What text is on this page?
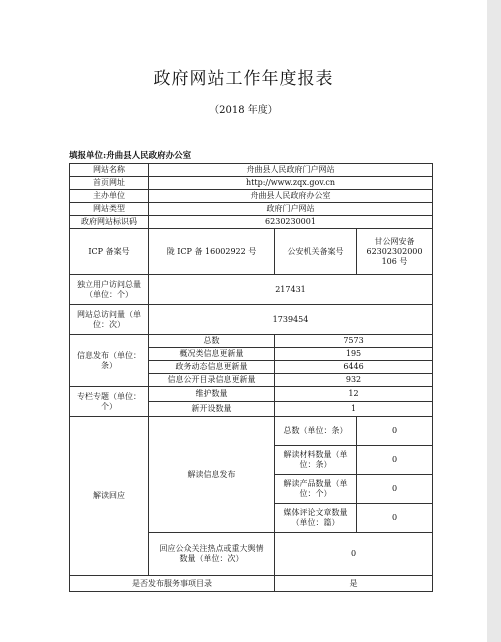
政府网站工作年度报表
（2018 年度）
填报单位:舟曲县人民政府办公室
网站名称	舟曲县人民政府门户网站		
首页网址	http://www.zqx.gov.cn		
主办单位	舟曲县人民政府办公室		
网站类型	政府门户网站		
政府网站标识码	6230230001		
ICP 备案号	陇 ICP 备 16002922 号	公安机关备案号	甘公网安备 62302302000 106 号
独立用户访问总量（单位：个）	217431		
网站总访问量（单位：次）	1739454		
信息发布（单位：条）	总数	7573	
	概况类信息更新量	195	
	政务动态信息更新量	6446	
	信息公开目录信息更新量	932	
专栏专题（单位：个）	维护数量	12	
	新开设数量	1	
解读回应	解读信息发布	总数（单位：条）	0
		解读材料数量（单位：条）	0
		解读产品数量（单位：个）	0
		媒体评论文章数量（单位：篇）	0
	回应公众关注热点或重大舆情数量（单位：次）	0	
是否发布服务事项目录		是	
